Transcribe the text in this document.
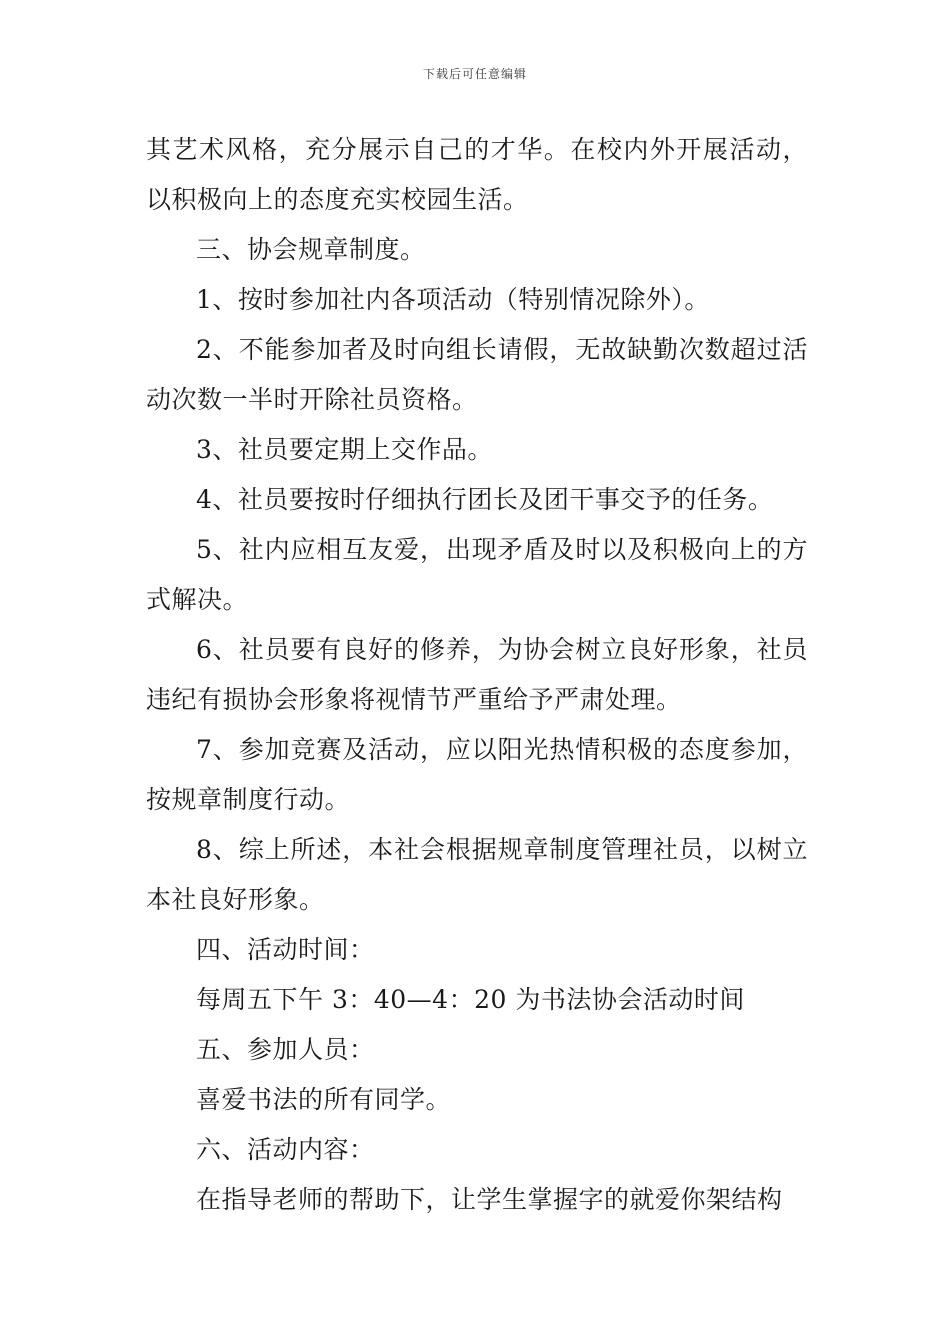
下载后可任意编辑

其艺术风格，充分展示自己的才华。在校内外开展活动，以积极向上的态度充实校园生活。

三、协会规章制度。

1、按时参加社内各项活动（特别情况除外）。

2、不能参加者及时向组长请假，无故缺勤次数超过活动次数一半时开除社员资格。

3、社员要定期上交作品。

4、社员要按时仔细执行团长及团干事交予的任务。

5、社内应相互友爱，出现矛盾及时以及积极向上的方式解决。

6、社员要有良好的修养，为协会树立良好形象，社员违纪有损协会形象将视情节严重给予严肃处理。

7、参加竞赛及活动，应以阳光热情积极的态度参加，按规章制度行动。

8、综上所述，本社会根据规章制度管理社员，以树立本社良好形象。

四、活动时间：

每周五下午 3：40—4：20 为书法协会活动时间

五、参加人员：

喜爱书法的所有同学。

六、活动内容：

在指导老师的帮助下，让学生掌握字的就爱你架结构
